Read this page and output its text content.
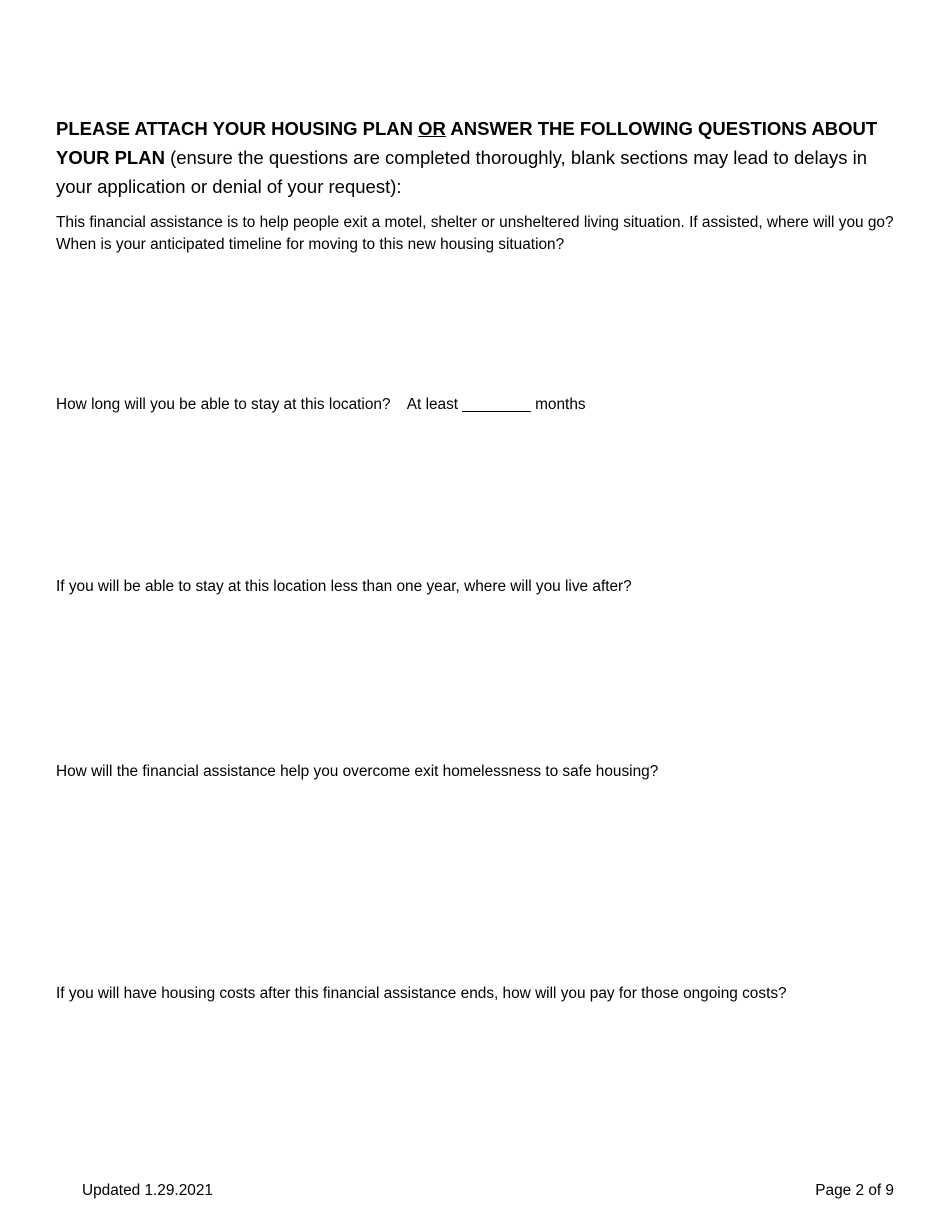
PLEASE ATTACH YOUR HOUSING PLAN OR ANSWER THE FOLLOWING QUESTIONS ABOUT YOUR PLAN (ensure the questions are completed thoroughly, blank sections may lead to delays in your application or denial of your request):
This financial assistance is to help people exit a motel, shelter or unsheltered living situation. If assisted, where will you go? When is your anticipated timeline for moving to this new housing situation?
How long will you be able to stay at this location?    At least ________ months
If you will be able to stay at this location less than one year, where will you live after?
How will the financial assistance help you overcome exit homelessness to safe housing?
If you will have housing costs after this financial assistance ends, how will you pay for those ongoing costs?
Updated 1.29.2021	Page 2 of 9
